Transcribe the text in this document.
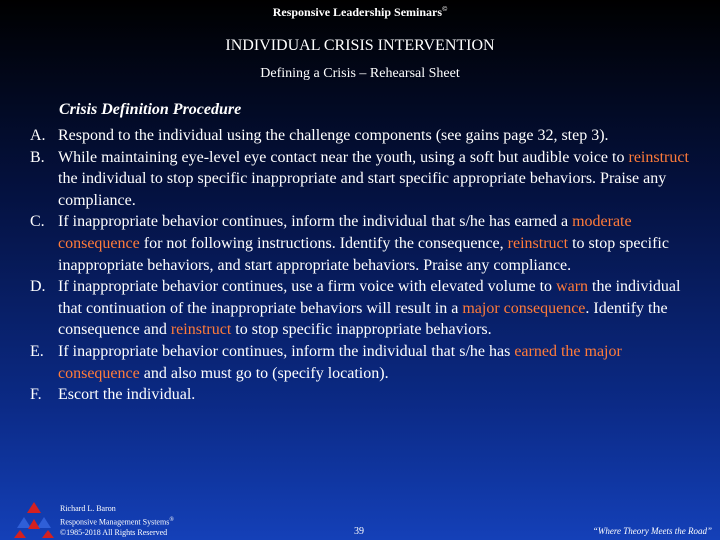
Responsive Leadership Seminars©
INDIVIDUAL CRISIS INTERVENTION
Defining a Crisis – Rehearsal Sheet
Crisis Definition Procedure
A. Respond to the individual using the challenge components (see gains page 32, step 3).
B. While maintaining eye-level eye contact near the youth, using a soft but audible voice to reinstruct the individual to stop specific inappropriate and start specific appropriate behaviors. Praise any compliance.
C. If inappropriate behavior continues, inform the individual that s/he has earned a moderate consequence for not following instructions. Identify the consequence, reinstruct to stop specific inappropriate behaviors, and start appropriate behaviors. Praise any compliance.
D. If inappropriate behavior continues, use a firm voice with elevated volume to warn the individual that continuation of the inappropriate behaviors will result in a major consequence. Identify the consequence and reinstruct to stop specific inappropriate behaviors.
E. If inappropriate behavior continues, inform the individual that s/he has earned the major consequence and also must go to (specify location).
F. Escort the individual.
Richard L. Baron
Responsive Management Systems®
©1985-2018 All Rights Reserved	39	“Where Theory Meets the Road”
